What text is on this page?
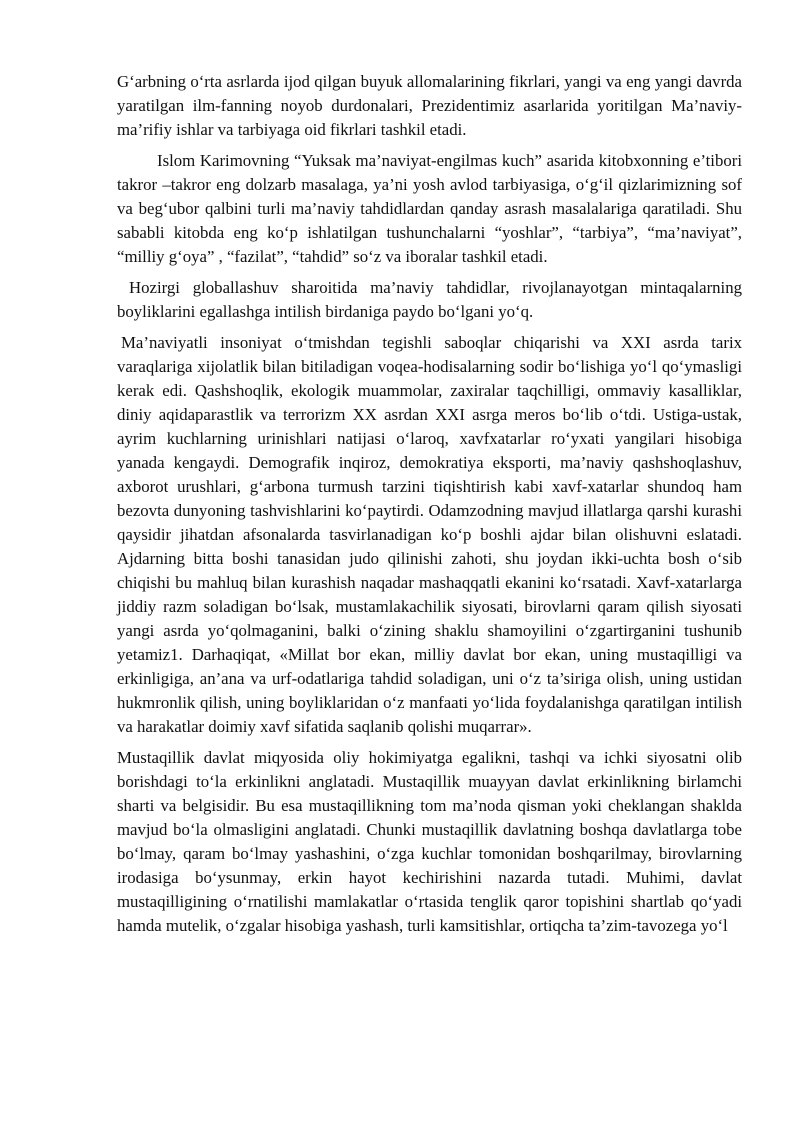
G‘arbning o‘rta asrlarda ijod qilgan buyuk allomalarining fikrlari, yangi va eng yangi davrda yaratilgan ilm-fanning noyob durdonalari, Prezidentimiz asarlarida yoritilgan Ma’naviy-ma’rifiy ishlar va tarbiyaga oid fikrlari tashkil etadi.

Islom Karimovning “Yuksak ma’naviyat-engilmas kuch” asarida kitobxonning e’tibori takror –takror eng dolzarb masalaga, ya’ni yosh avlod tarbiyasiga, o‘g‘il qizlarimizning sof va beg‘ubor qalbini turli ma’naviy tahdidlardan qanday asrash masalalariga qaratiladi. Shu sababli kitobda eng ko‘p ishlatilgan tushunchalarni “yoshlar”, “tarbiya”, “ma’naviyat”, “milliy g‘oya” , “fazilat”, “tahdid” so‘z va iboralar tashkil etadi.

Hozirgi globallashuv sharoitida ma’naviy tahdidlar, rivojlanayotgan mintaqalarning boyliklarini egallashga intilish birdaniga paydo bo‘lgani yo‘q.

Ma’naviyatli insoniyat o‘tmishdan tegishli saboqlar chiqarishi va XXI asrda tarix varaqlariga xijolatlik bilan bitiladigan voqea-hodisalarning sodir bo‘lishiga yo‘l qo‘ymasligi kerak edi. Qashshoqlik, ekologik muammolar, zaxiralar taqchilligi, ommaviy kasalliklar, diniy aqidaparastlik va terrorizm XX asrdan XXI asrga meros bo‘lib o‘tdi. Ustiga-ustak, ayrim kuchlarning urinishlari natijasi o‘laroq, xavfxatarlar ro‘yxati yangilari hisobiga yanada kengaydi. Demografik inqiroz, demokratiya eksporti, ma’naviy qashshoqlashuv, axborot urushlari, g‘arbona turmush tarzini tiqishtirish kabi xavf-xatarlar shundoq ham bezovta dunyoning tashvishlarini ko‘paytirdi. Odamzodning mavjud illatlarga qarshi kurashi qaysidir jihatdan afsonalarda tasvirlanadigan ko‘p boshli ajdar bilan olishuvni eslatadi. Ajdarning bitta boshi tanasidan judo qilinishi zahoti, shu joydan ikki-uchta bosh o‘sib chiqishi bu mahluq bilan kurashish naqadar mashaqqatli ekanini ko‘rsatadi. Xavf-xatarlarga jiddiy razm soladigan bo‘lsak, mustamlakachilik siyosati, birovlarni qaram qilish siyosati yangi asrda yo‘qolmaganini, balki o‘zining shaklu shamoyilini o‘zgartirganini tushunib yetamiz1. Darhaqiqat, «Millat bor ekan, milliy davlat bor ekan, uning mustaqilligi va erkinligiga, an’ana va urf-odatlariga tahdid soladigan, uni o‘z ta’siriga olish, uning ustidan hukmronlik qilish, uning boyliklaridan o‘z manfaati yo‘lida foydalanishga qaratilgan intilish va harakatlar doimiy xavf sifatida saqlanib qolishi muqarrar».

Mustaqillik davlat miqyosida oliy hokimiyatga egalikni, tashqi va ichki siyosatni olib borishdagi to‘la erkinlikni anglatadi. Mustaqillik muayyan davlat erkinlikning birlamchi sharti va belgisidir. Bu esa mustaqillikning tom ma’noda qisman yoki cheklangan shaklda mavjud bo‘la olmasligini anglatadi. Chunki mustaqillik davlatning boshqa davlatlarga tobe bo‘lmay, qaram bo‘lmay yashashini, o‘zga kuchlar tomonidan boshqarilmay, birovlarning irodasiga bo‘ysunmay, erkin hayot kechirishini nazarda tutadi. Muhimi, davlat mustaqilligining o‘rnatilishi mamlakatlar o‘rtasida tenglik qaror topishini shartlab qo‘yadi hamda mutelik, o‘zgalar hisobiga yashash, turli kamsitishlar, ortiqcha ta’zim-tavozega yo‘l
